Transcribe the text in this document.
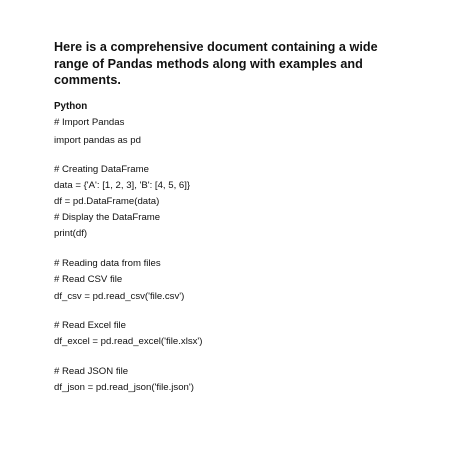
Here is a comprehensive document containing a wide range of Pandas methods along with examples and comments.

Python

# Import Pandas

import pandas as pd

# Creating DataFrame

data = {'A': [1, 2, 3], 'B': [4, 5, 6]}

df = pd.DataFrame(data)

# Display the DataFrame

print(df)

# Reading data from files

# Read CSV file

df_csv = pd.read_csv('file.csv')

# Read Excel file

df_excel = pd.read_excel('file.xlsx')

# Read JSON file

df_json = pd.read_json('file.json')
